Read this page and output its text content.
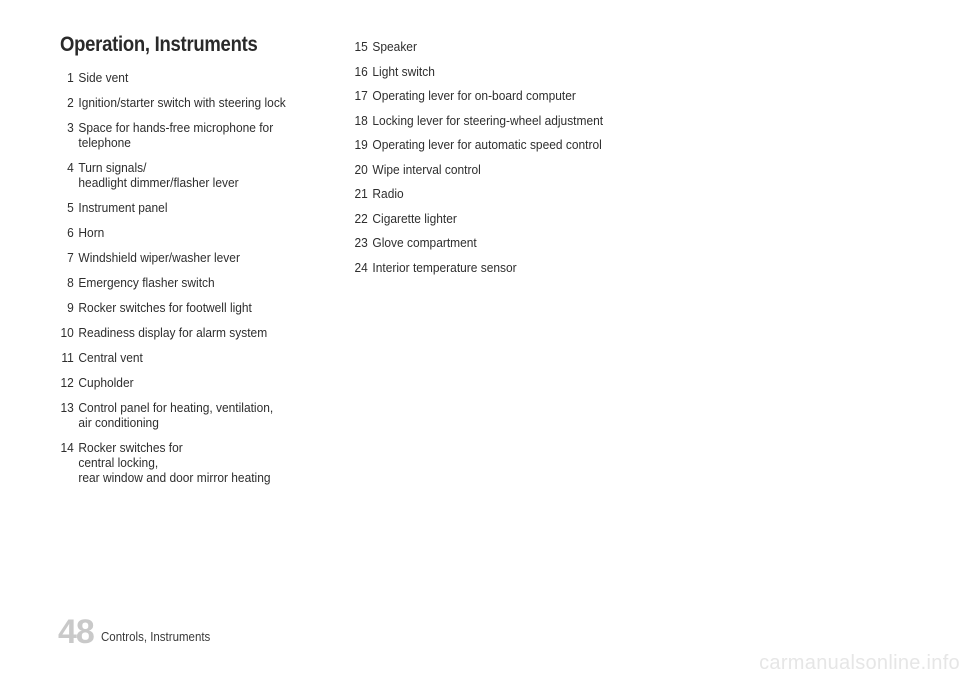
Operation, Instruments
1 Side vent
2 Ignition/starter switch with steering lock
3 Space for hands-free microphone for
telephone
4 Turn signals/
headlight dimmer/flasher lever
5 Instrument panel
6 Horn
7 Windshield wiper/washer lever
8 Emergency flasher switch
9 Rocker switches for footwell light
10 Readiness display for alarm system
11 Central vent
12 Cupholder
13 Control panel for heating, ventilation,
air conditioning
14 Rocker switches for
central locking,
rear window and door mirror heating
15 Speaker
16 Light switch
17 Operating lever for on-board computer
18 Locking lever for steering-wheel adjustment
19 Operating lever for automatic speed control
20 Wipe interval control
21 Radio
22 Cigarette lighter
23 Glove compartment
24 Interior temperature sensor
48 Controls, Instruments
carmanualsonline.info
